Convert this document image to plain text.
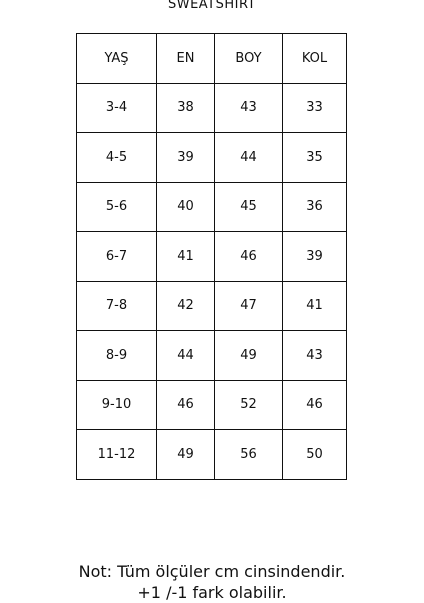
SWEATSHIRT
YAŞ	EN	BOY	KOL
3-4	38	43	33
4-5	39	44	35
5-6	40	45	36
6-7	41	46	39
7-8	42	47	41
8-9	44	49	43
9-10	46	52	46
11-12	49	56	50
Not: Tüm ölçüler cm cinsindendir.
+1 /-1 fark olabilir.
